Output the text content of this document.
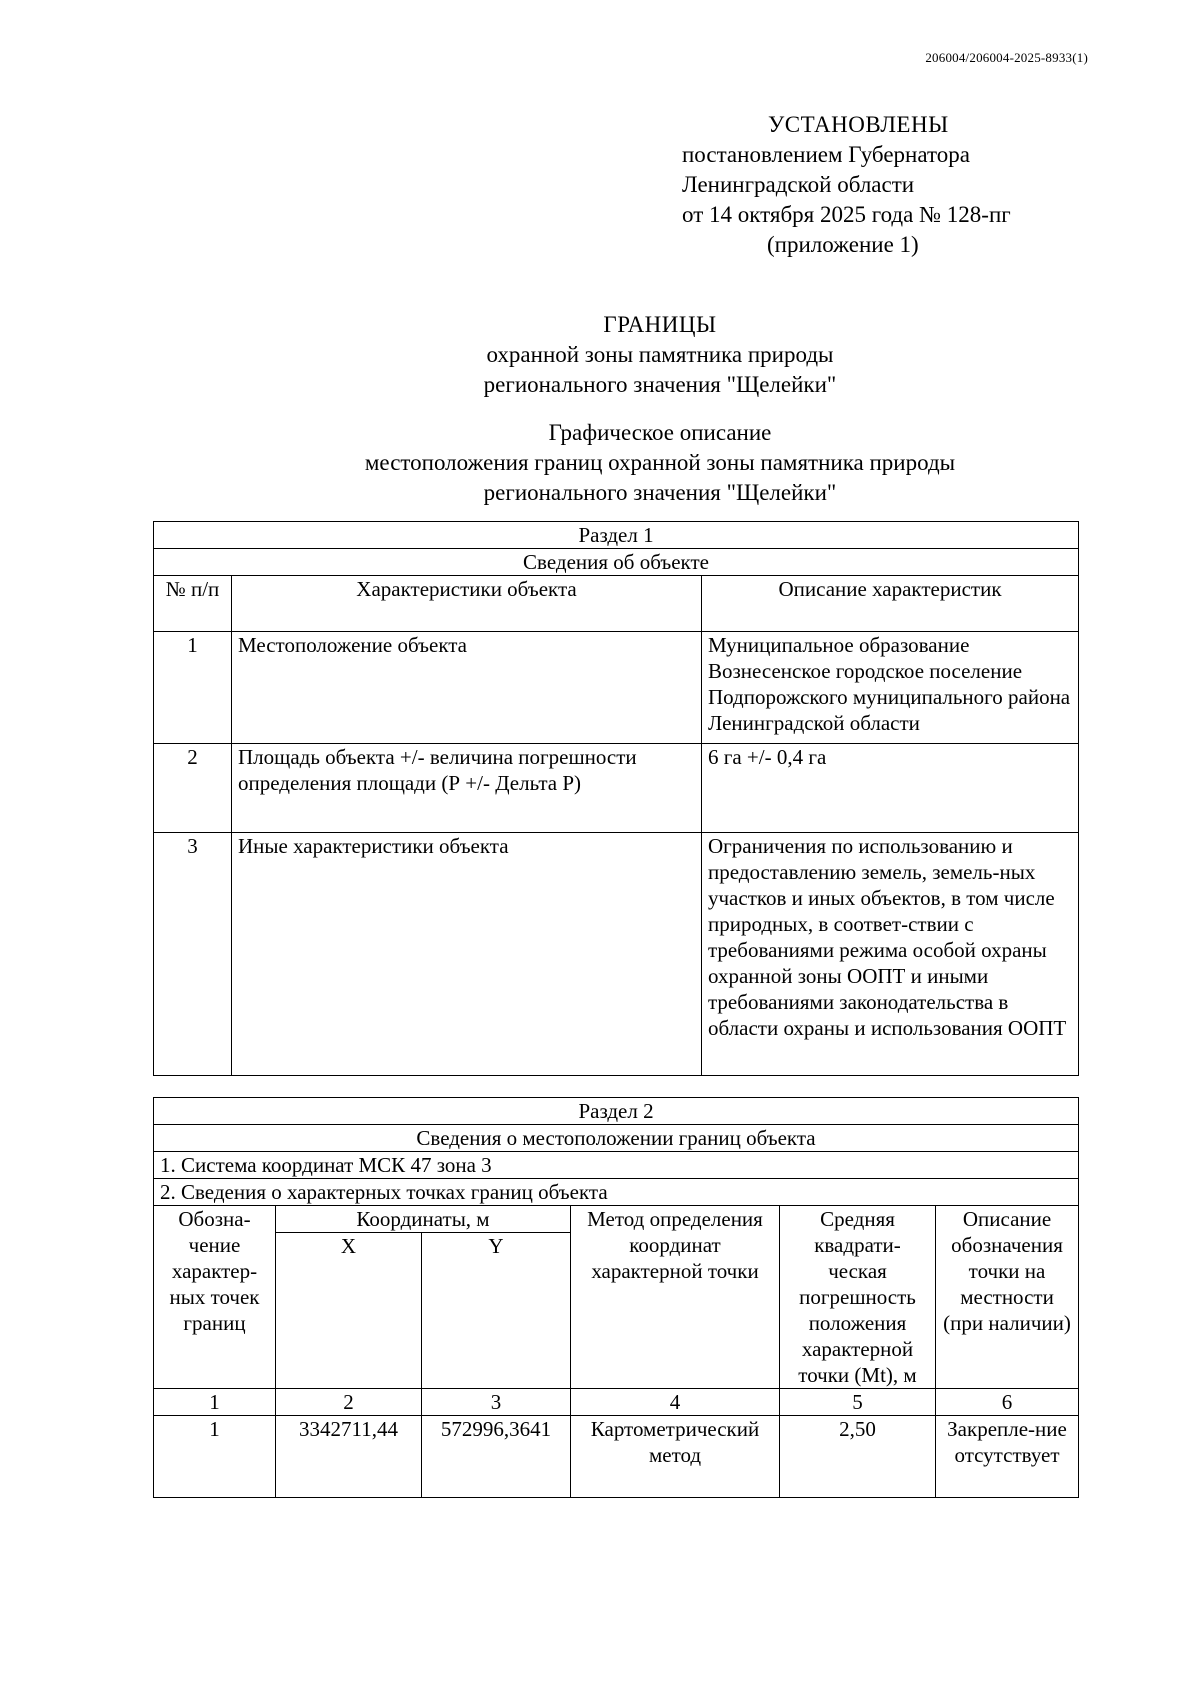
206004/206004-2025-8933(1)
УСТАНОВЛЕНЫ
постановлением Губернатора
Ленинградской области
от 14 октября 2025 года № 128-пг
(приложение 1)
ГРАНИЦЫ
охранной зоны памятника природы
регионального значения "Щелейки"
Графическое описание
местоположения границ охранной зоны памятника природы
регионального значения "Щелейки"
Раздел 1		
Сведения об объекте		
№ п/п	Характеристики объекта	Описание характеристик
1	Местоположение объекта	Муниципальное образование Вознесенское городское поселение Подпорожского муниципального района Ленинградской области
2	Площадь объекта +/- величина погрешности определения площади (Р +/- Дельта Р)	6 га +/- 0,4 га
3	Иные характеристики объекта	Ограничения по использованию и предоставлению земель, земель-ных участков и иных объектов, в том числе природных, в соответ-ствии с требованиями режима особой охраны охранной зоны ООПТ и иными требованиями законодательства в области охраны и использования ООПТ
Раздел 2					
Сведения о местоположении границ объекта					
1. Система координат МСК 47 зона 3					
2. Сведения о характерных точках границ объекта					
Обозна-чение характер-ных точек границ	Координаты, м		Метод определения координат характерной точки	Средняя квадрати-ческая погрешность положения характерной точки (Mt), м	Описание обозначения точки на местности (при наличии)
	X	Y			
1	2	3	4	5	6
1	3342711,44	572996,3641	Картометрический метод	2,50	Закрепле-ние отсутствует
